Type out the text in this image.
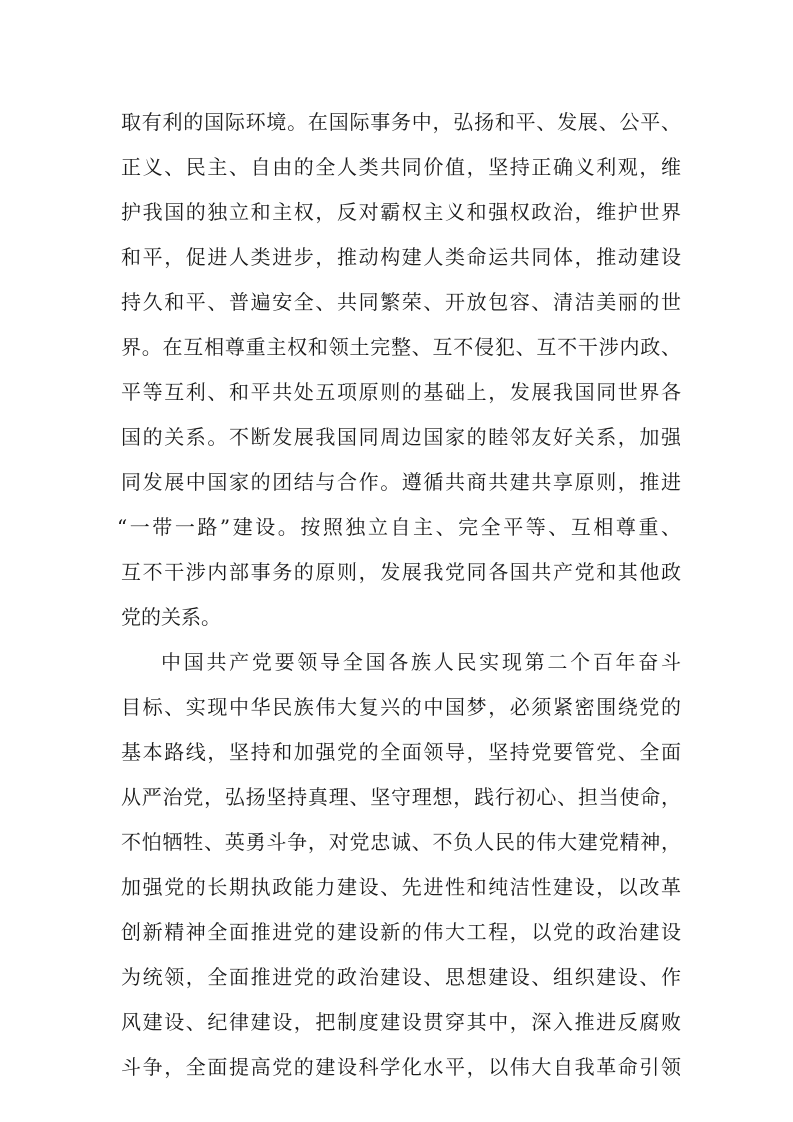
取有利的国际环境。在国际事务中，弘扬和平、发展、公平、
正义、民主、自由的全人类共同价值，坚持正确义利观，维
护我国的独立和主权，反对霸权主义和强权政治，维护世界
和平，促进人类进步，推动构建人类命运共同体，推动建设
持久和平、普遍安全、共同繁荣、开放包容、清洁美丽的世
界。在互相尊重主权和领土完整、互不侵犯、互不干涉内政、
平等互利、和平共处五项原则的基础上，发展我国同世界各
国的关系。不断发展我国同周边国家的睦邻友好关系，加强
同发展中国家的团结与合作。遵循共商共建共享原则，推进
“一带一路”建设。按照独立自主、完全平等、互相尊重、
互不干涉内部事务的原则，发展我党同各国共产党和其他政
党的关系。
中国共产党要领导全国各族人民实现第二个百年奋斗
目标、实现中华民族伟大复兴的中国梦，必须紧密围绕党的
基本路线，坚持和加强党的全面领导，坚持党要管党、全面
从严治党，弘扬坚持真理、坚守理想，践行初心、担当使命，
不怕牺牲、英勇斗争，对党忠诚、不负人民的伟大建党精神，
加强党的长期执政能力建设、先进性和纯洁性建设，以改革
创新精神全面推进党的建设新的伟大工程，以党的政治建设
为统领，全面推进党的政治建设、思想建设、组织建设、作
风建设、纪律建设，把制度建设贯穿其中，深入推进反腐败
斗争，全面提高党的建设科学化水平，以伟大自我革命引领
